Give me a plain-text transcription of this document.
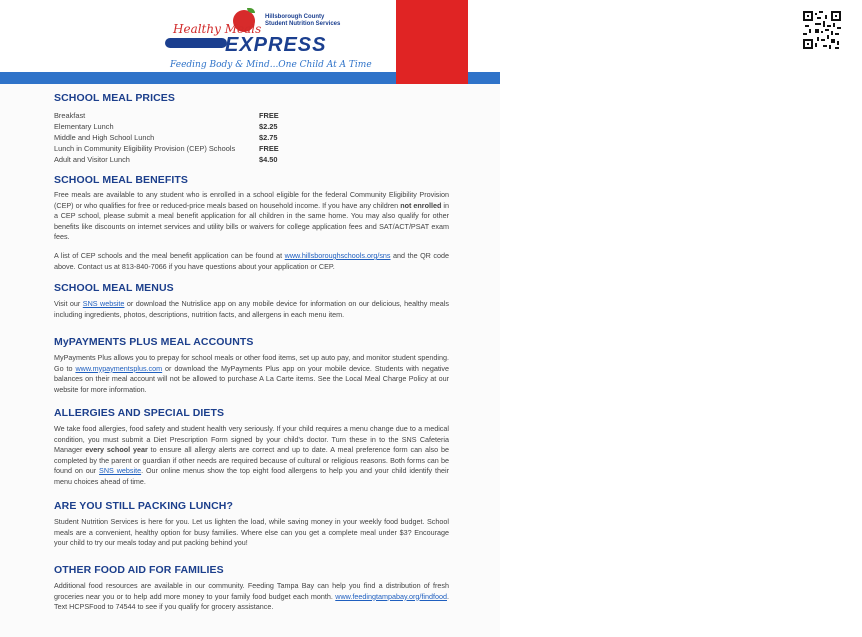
Healthy Meals
EXPRESS
Hillsborough County Student Nutrition Services
Feeding Body & Mind...One Child At A Time	Click here to learn more!
SCHOOL MEAL PRICES
Breakfast	FREE
Elementary Lunch	$2.25
Middle and High School Lunch	$2.75
Lunch in Community Eligibility Provision (CEP) Schools	FREE
Adult and Visitor Lunch	$4.50
SCHOOL MEAL BENEFITS

Free meals are available to any student who is enrolled in a school eligible for the federal Community Eligibility Provision (CEP) or who qualifies for free or reduced-price meals based on household income. If you have any children not enrolled in a CEP school, please submit a meal benefit application for all children in the same home. You may also qualify for other benefits like discounts on internet services and utility bills or waivers for college application fees and SAT/ACT/PSAT exam fees.

A list of CEP schools and the meal benefit application can be found at www.hillsboroughschools.org/sns and the QR code above. Contact us at 813-840-7066 if you have questions about your application or CEP.

SCHOOL MEAL MENUS

Visit our SNS website or download the Nutrislice app on any mobile device for information on our delicious, healthy meals including ingredients, photos, descriptions, nutrition facts, and allergens in each menu item.

MyPAYMENTS PLUS MEAL ACCOUNTS

MyPayments Plus allows you to prepay for school meals or other food items, set up auto pay, and monitor student spending. Go to www.mypaymentsplus.com or download the MyPayments Plus app on your mobile device. Students with negative balances on their meal account will not be allowed to purchase A La Carte items. See the Local Meal Charge Policy at our website for more information.

ALLERGIES AND SPECIAL DIETS

We take food allergies, food safety and student health very seriously. If your child requires a menu change due to a medical condition, you must submit a Diet Prescription Form signed by your child's doctor. Turn these in to the SNS Cafeteria Manager every school year to ensure all allergy alerts are correct and up to date. A meal preference form can also be completed by the parent or guardian if other needs are required because of cultural or religious reasons. Both forms can be found on our SNS website. Our online menus show the top eight food allergens to help you and your child identify their menu choices ahead of time.

ARE YOU STILL PACKING LUNCH?

Student Nutrition Services is here for you. Let us lighten the load, while saving money in your weekly food budget. School meals are a convenient, healthy option for busy families. Where else can you get a complete meal under $3? Encourage your child to try our meals today and put packing behind you!

OTHER FOOD AID FOR FAMILIES

Additional food resources are available in our community. Feeding Tampa Bay can help you find a distribution of fresh groceries near you or to help add more money to your family food budget each month. www.feedingtampabay.org/findfood. Text HCPSFood to 74544 to see if you qualify for grocery assistance.
